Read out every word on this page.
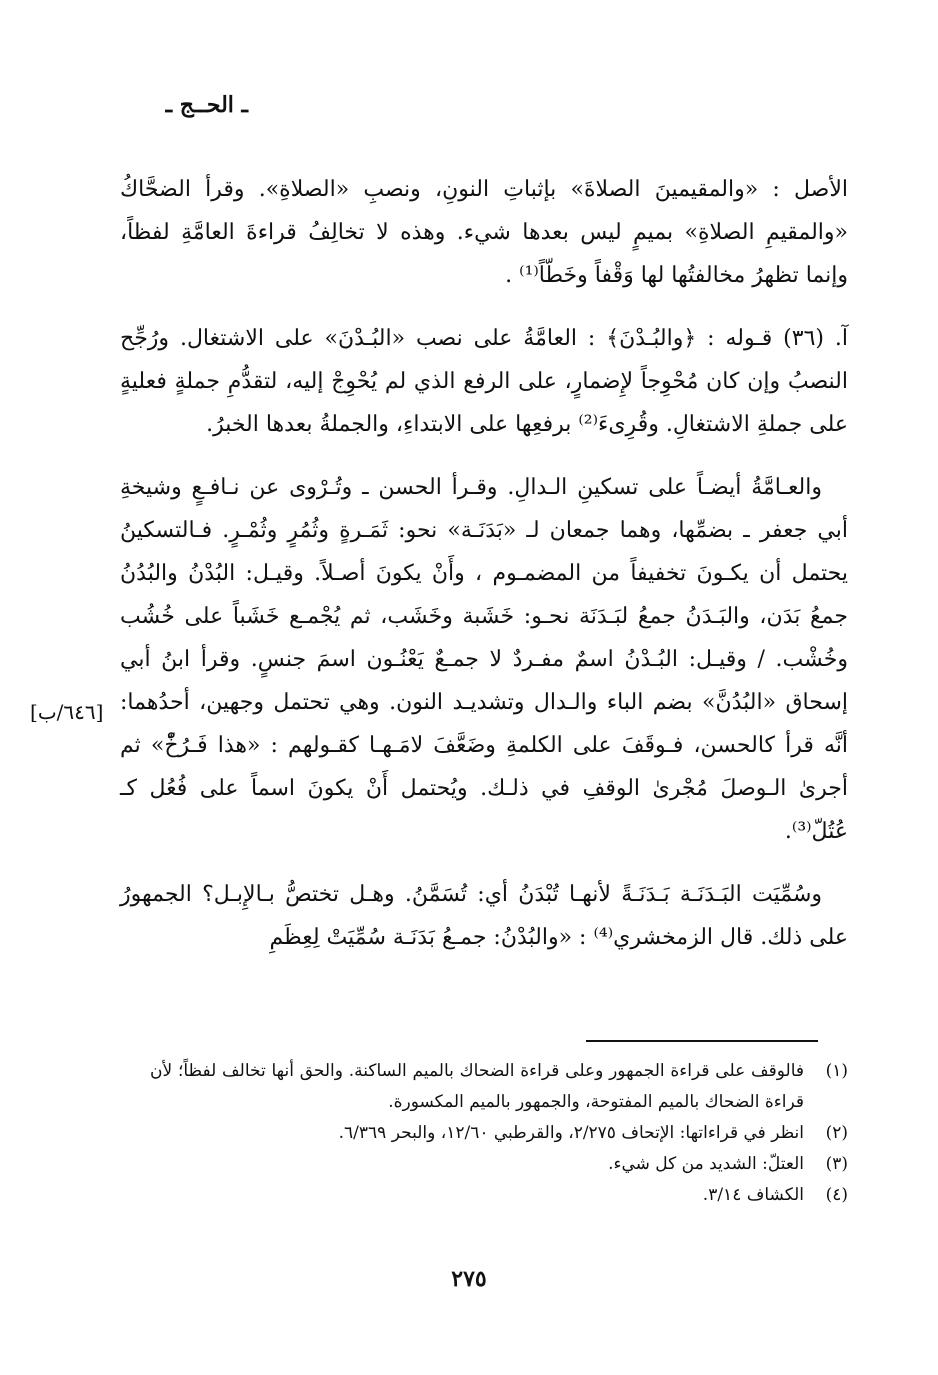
ـ الحــج ـ

الأصل : «والمقيمينَ الصلاةَ» بإثباتِ النونِ، ونصبِ «الصلاةِ». وقرأ الضحَّاكُ «والمقيمِ الصلاةِ» بميمٍ ليس بعدها شيء. وهذه لا تخالِفُ قراءةَ العامَّةِ لفظاً، وإنما تظهرُ مخالفتُها لها وَقْفاً وخَطّاً⁽¹⁾ .

آ. (٣٦) قـوله : ﴿والبُـدْنَ﴾ : العامَّةُ على نصب «البُـدْنَ» على الاشتغال. ورُجِّح النصبُ وإن كان مُحْوِجاً لإِضمارٍ، على الرفع الذي لم يُحْوِجْ إليه، لتقدُّمِ جملةٍ فعليةٍ على جملةِ الاشتغالِ. وقُرِىءَ⁽²⁾ برفعِها على الابتداءِ، والجملةُ بعدها الخبرُ.

والعـامَّةُ أيضـاً على تسكينِ الـدالِ. وقـرأ الحسن ـ وتُـرْوى عن نـافـعٍ وشيخةِ أبي جعفر ـ بضمِّها، وهما جمعان لـ «بَدَنَـة» نحو: ثَمَـرةٍ وثُمُرٍ وثُمْـرٍ. فـالتسكينُ يحتمل أن يكـونَ تخفيفاً من المضمـوم ، وأَنْ يكونَ أصـلاً. وقيـل: البُدْنُ والبُدُنُ جمعُ بَدَن، والبَـدَنُ جمعُ لبَـدَنَة نحـو: خَشَبة وخَشَب، ثم يُجْمـع خَشَباً على خُشُب وخُشْب. / وقيـل: البُـدْنُ اسمٌ مفـردٌ لا جمـعٌ يَعْنُـون اسمَ جنسٍ. وقرأ ابنُ أبي إسحاق «البُدُنَّ» بضم الباء والـدال وتشديـد النون. وهي تحتمل وجهين، أحدُهما: أنَّه قرأ كالحسن، فـوقَفَ على الكلمةِ وضَعَّفَ لامَـهـا كقـولهم : «هذا فَـرُخّْ» ثم أجرىٰ الـوصلَ مُجْرىٰ الوقفِ في ذلـك. ويُحتمل أَنْ يكونَ اسماً على فُعُل كـ عُتُلّ⁽³⁾.

وسُمِّيَت البَـدَنَـة بَـدَنَـةً لأنهـا تُبْدَنُ أي: تُسَمَّنُ. وهـل تختصُّ بـالإِبـل؟ الجمهورُ على ذلك. قال الزمخشري⁽⁴⁾ : «والبُدْنُ: جمـعُ بَدَنَـة سُمِّيَتْ لِعِظَمِ

[٦٤٦/ب]
(١)
فالوقف على قراءة الجمهور وعلى قراءة الضحاك بالميم الساكنة. والحق أنها تخالف لفظاً؛ لأن قراءة الضحاك بالميم المفتوحة، والجمهور بالميم المكسورة.
(٢)
انظر في قراءاتها: الإتحاف ٢/٢٧٥، والقرطبي ١٢/٦٠، والبحر ٦/٣٦٩.
(٣)
العتلّ: الشديد من كل شيء.
(٤)
الكشاف ٣/١٤.
٢٧٥
